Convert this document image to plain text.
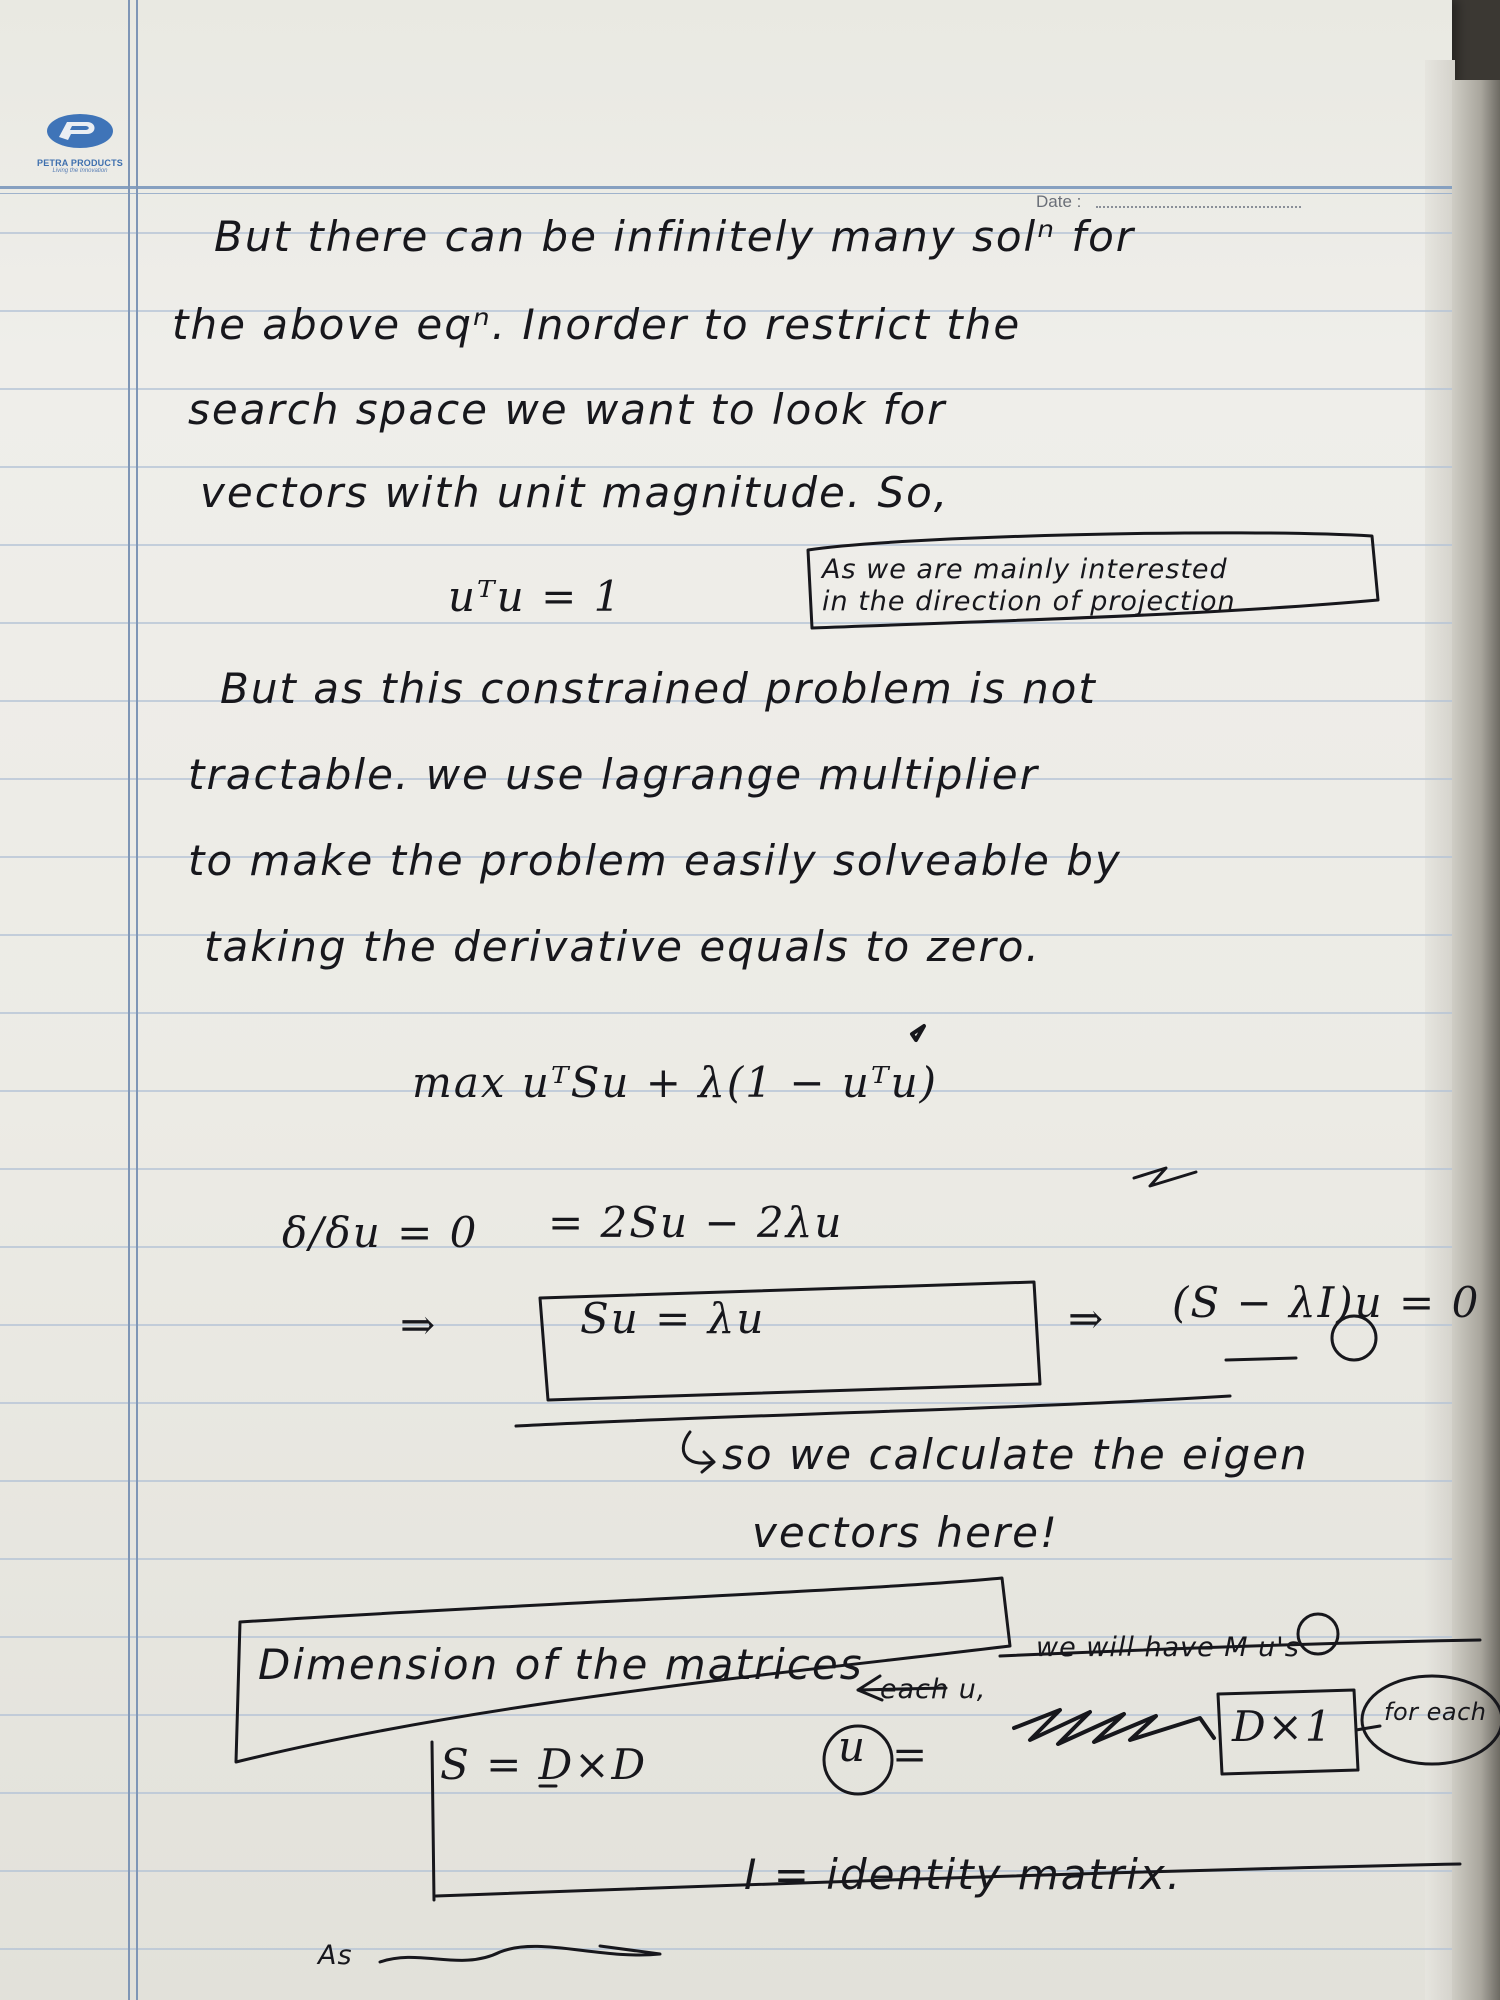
PETRA PRODUCTS
Living the Innovation
Date :
But there can be infinitely many solⁿ for
the above eqⁿ. Inorder to restrict the
search space we want to look for
vectors with unit magnitude. So,
uᵀu = 1
As we are mainly interested
in the direction of projection
But as this constrained problem is not
tractable. we use lagrange multiplier
to make the problem easily solveable by
taking the derivative equals to zero.
max uᵀSu + λ(1 − uᵀu)
δ/δu = 0 = 2Su − 2λu
⇒	Su = λu	⇒ (S − λI)u = 0
so we calculate the eigen
vectors here!
Dimension of the matrices	we will have M u's
each u,
S = D×D	u =
D×1 for each
I = identity matrix.
As
